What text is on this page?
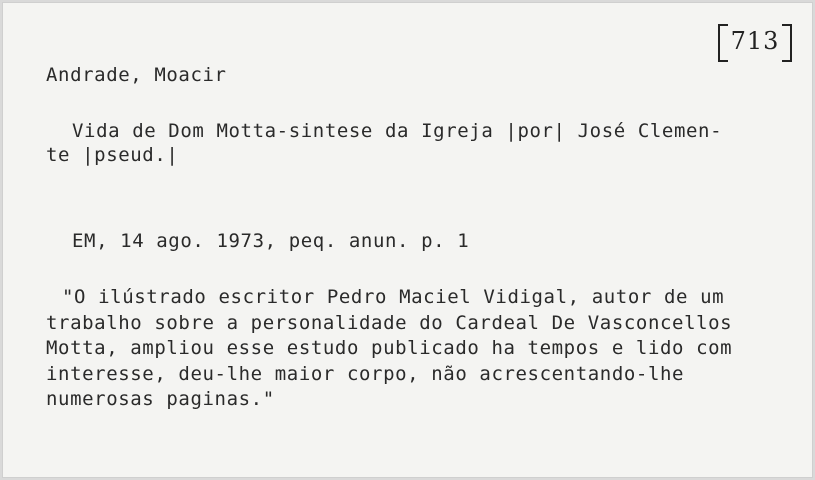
713
Andrade, Moacir
Vida de Dom Motta-sintese da Igreja |por| José Clemen-
te |pseud.|
EM, 14 ago. 1973, peq. anun. p. 1
"O ilústrado escritor Pedro Maciel Vidigal, autor de um
trabalho sobre a personalidade do Cardeal De Vasconcellos
Motta, ampliou esse estudo publicado ha tempos e lido com
interesse, deu-lhe maior corpo, não acrescentando-lhe
numerosas paginas."
